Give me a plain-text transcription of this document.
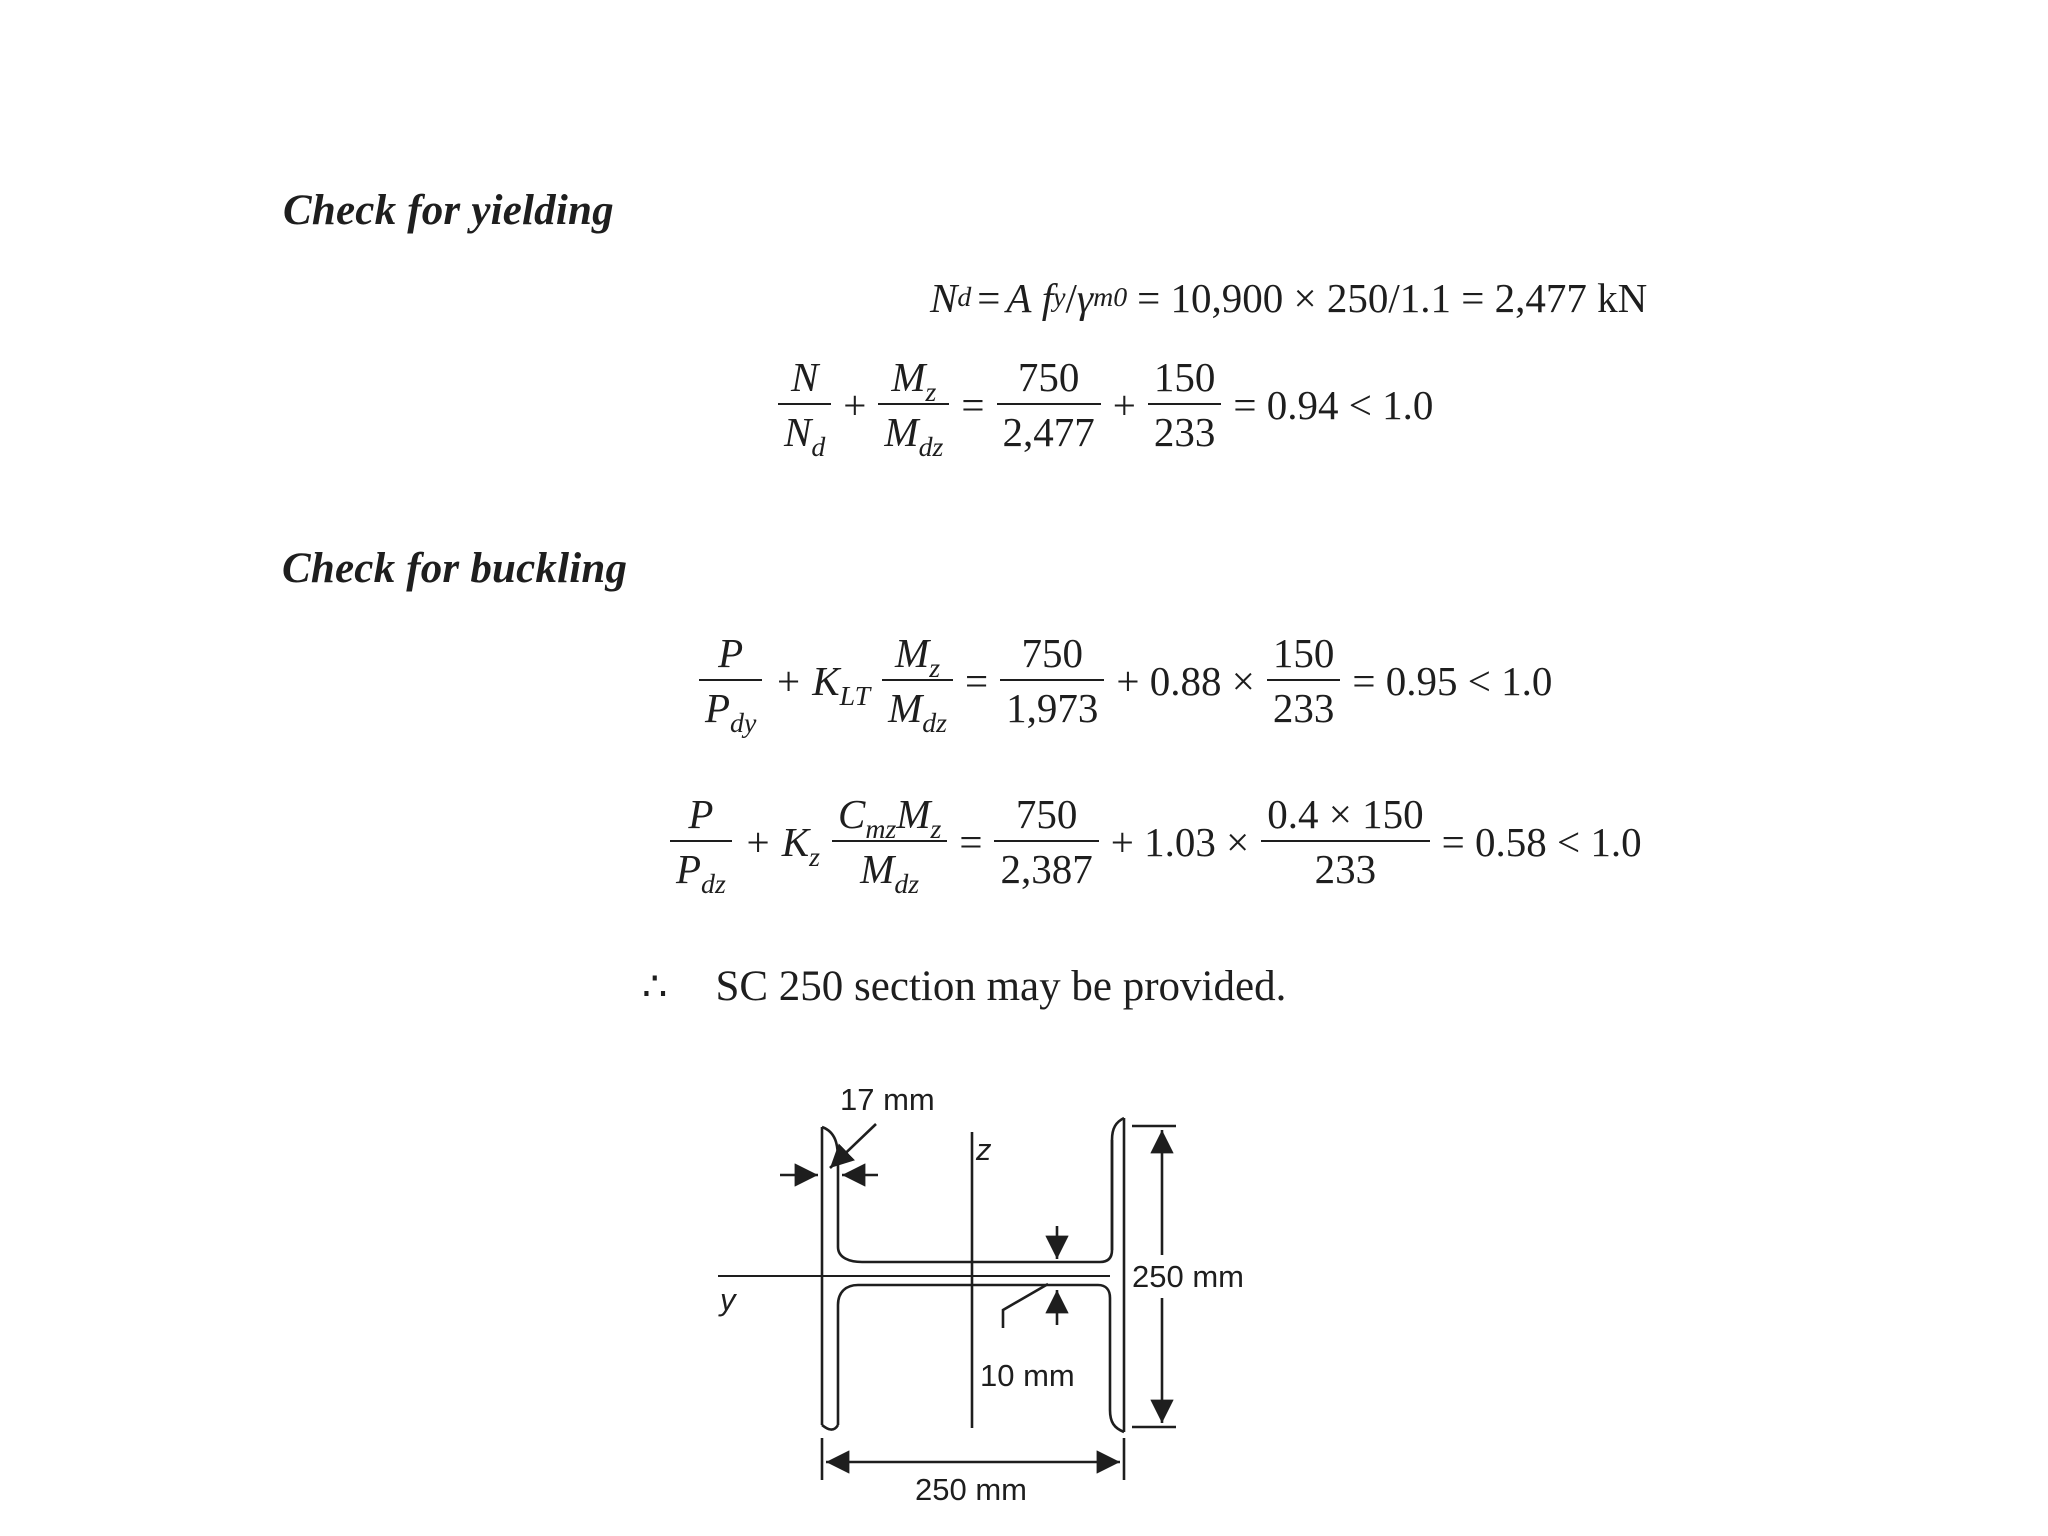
Check for yielding
Check for buckling
N d = A
f y / γ m0 = 10,900 × 250/1.1 = 2,477 kN
$\frac{N}{N_d} + \frac{M_z}{M_{dz}} = \frac{750}{2,477} + \frac{150}{233} = 0.94 < 1.0$
$\frac{P}{P_{dy}} + K_{LT} \frac{M_z}{M_{dz}} = \frac{750}{1,973} + 0.88 \times \frac{150}{233} = 0.95 < 1.0$
$\frac{P}{P_{dz}} + K_z \frac{C_{mz}M_z}{M_{dz}} = \frac{750}{2,387} + 1.03 \times \frac{0.4 \times 150}{233} = 0.58 < 1.0$
∴ SC 250 section may be provided.
17 mm
z
y
250 mm
10 mm
250 mm
